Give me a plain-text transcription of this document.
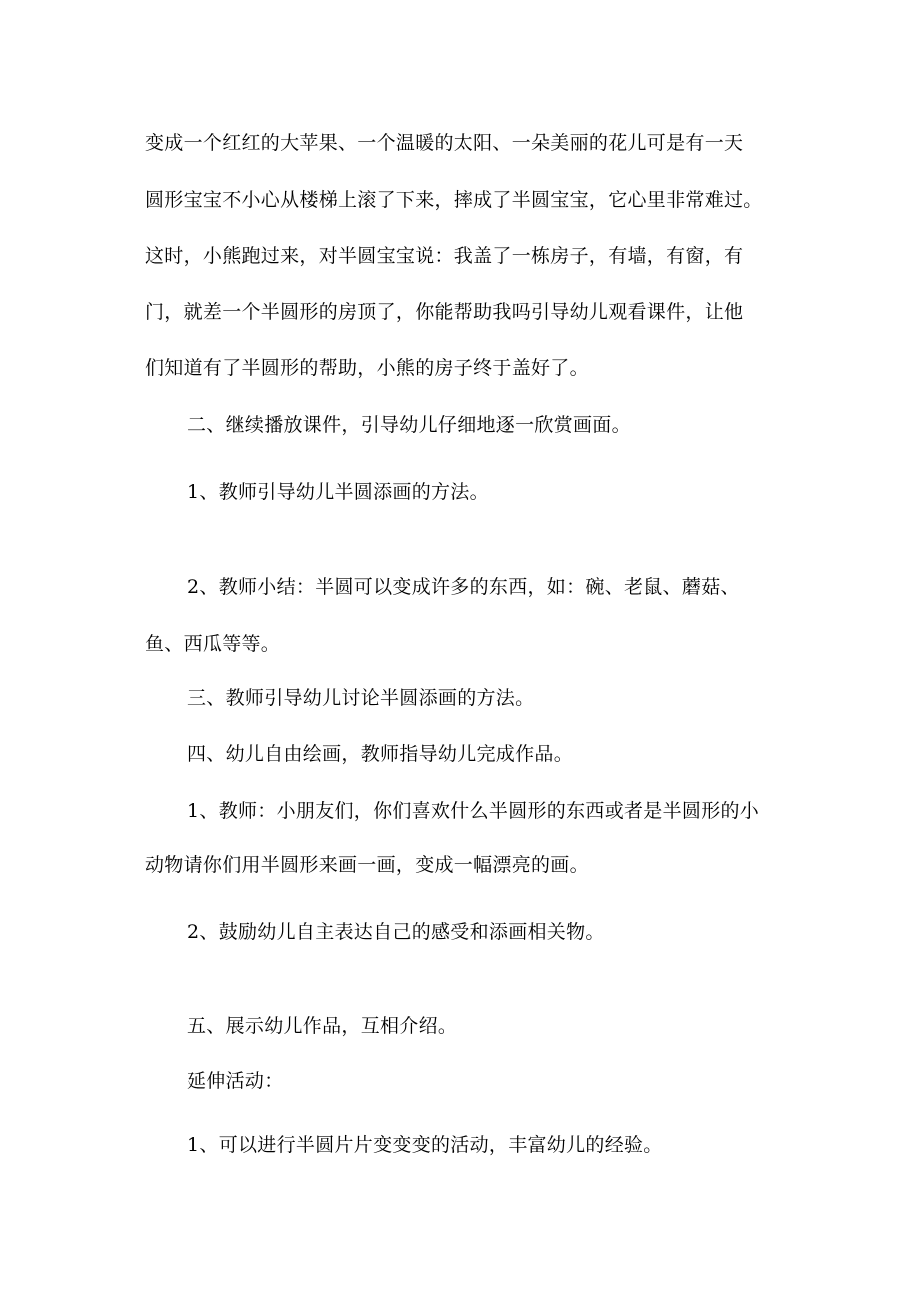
变成一个红红的大苹果、一个温暖的太阳、一朵美丽的花儿可是有一天
圆形宝宝不小心从楼梯上滚了下来，摔成了半圆宝宝，它心里非常难过。
这时，小熊跑过来，对半圆宝宝说：我盖了一栋房子，有墙，有窗，有
门，就差一个半圆形的房顶了，你能帮助我吗引导幼儿观看课件，让他
们知道有了半圆形的帮助，小熊的房子终于盖好了。
二、继续播放课件，引导幼儿仔细地逐一欣赏画面。
1、教师引导幼儿半圆添画的方法。
2、教师小结：半圆可以变成许多的东西，如：碗、老鼠、蘑菇、
鱼、西瓜等等。
三、教师引导幼儿讨论半圆添画的方法。
四、幼儿自由绘画，教师指导幼儿完成作品。
1、教师：小朋友们，你们喜欢什么半圆形的东西或者是半圆形的小
动物请你们用半圆形来画一画，变成一幅漂亮的画。
2、鼓励幼儿自主表达自己的感受和添画相关物。
五、展示幼儿作品，互相介绍。
延伸活动：
1、可以进行半圆片片变变变的活动，丰富幼儿的经验。
